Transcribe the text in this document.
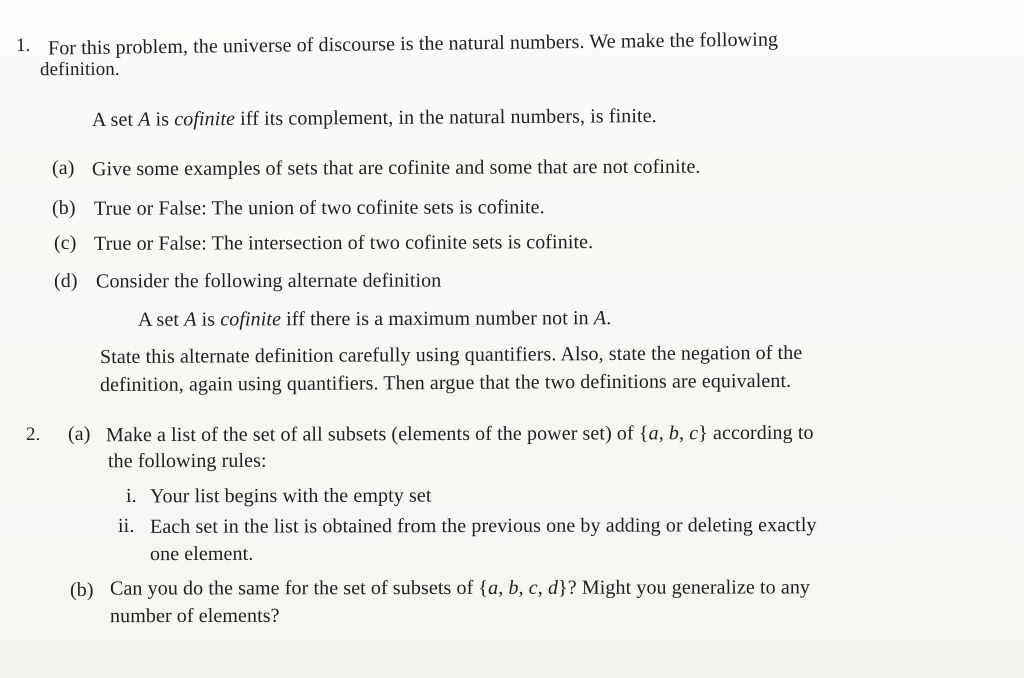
1. For this problem, the universe of discourse is the natural numbers. We make the following
definition.
A set A is cofinite iff its complement, in the natural numbers, is finite.
(a) Give some examples of sets that are cofinite and some that are not cofinite.
(b) True or False: The union of two cofinite sets is cofinite.
(c) True or False: The intersection of two cofinite sets is cofinite.
(d) Consider the following alternate definition
A set A is cofinite iff there is a maximum number not in A.
State this alternate definition carefully using quantifiers. Also, state the negation of the
definition, again using quantifiers. Then argue that the two definitions are equivalent.
2. (a) Make a list of the set of all subsets (elements of the power set) of {a, b, c} according to
the following rules:
i. Your list begins with the empty set
ii. Each set in the list is obtained from the previous one by adding or deleting exactly
one element.
(b) Can you do the same for the set of subsets of {a, b, c, d}? Might you generalize to any
number of elements?
